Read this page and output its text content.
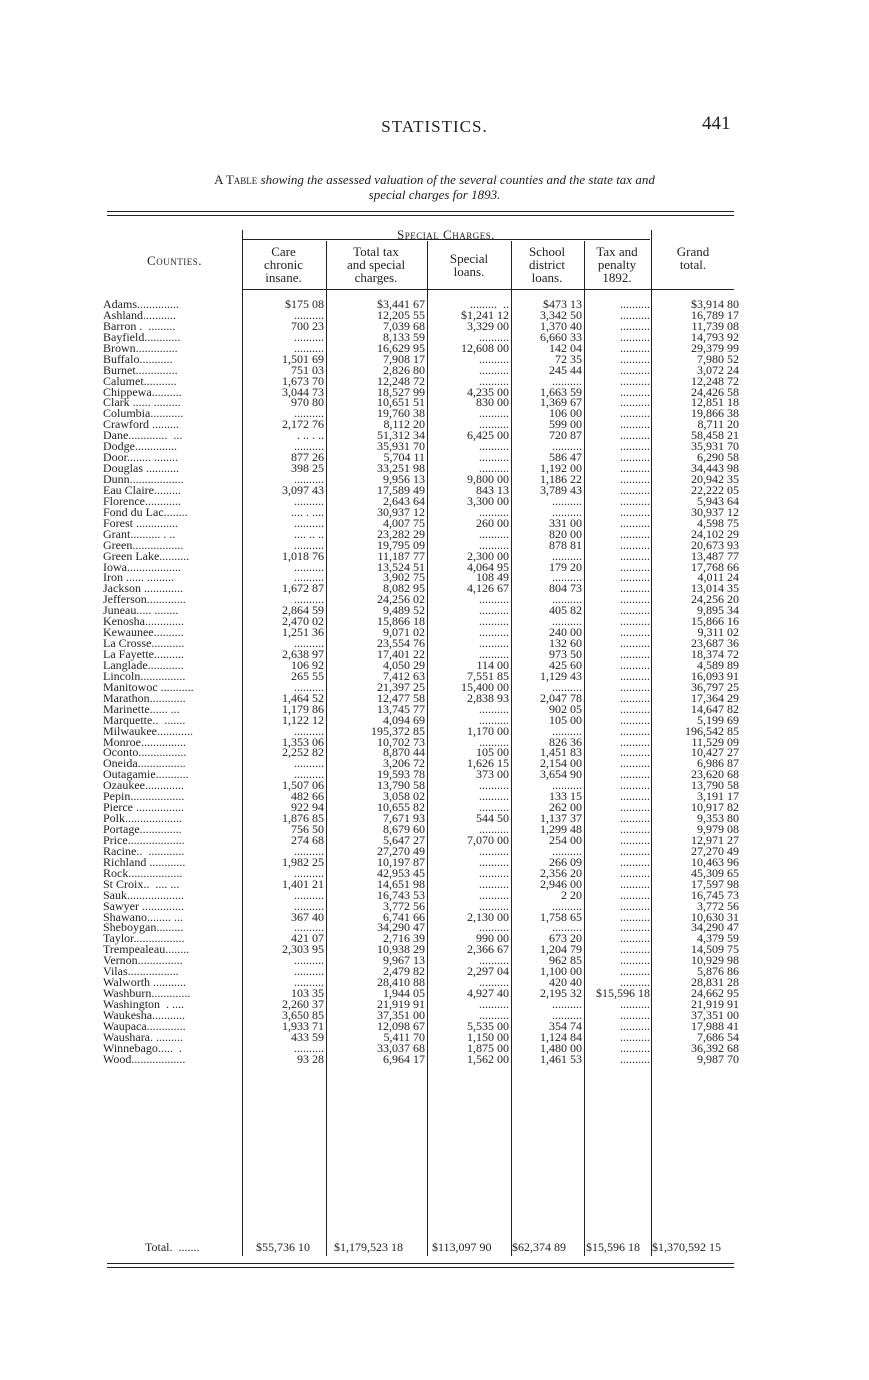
STATISTICS.	441
A Table showing the assessed valuation of the several counties and the state tax and
special charges for 1893.
Special Charges.
Counties.
Care
chronic
insane.
Total tax
and special
charges.
Special
loans.
School
district
loans.
Tax and
penalty
1892.
Grand
total.
Adams..............
Ashland...........
Barron .  .........
Bayfield............
Brown..............
Buffalo...........
Burnet..............
Calumet...........
Chippewa..........
Clark ...... .........
Columbia...........
Crawford .........
Dane.............  ...
Dodge..............
Door........ ........
Douglas ...........
Dunn..................
Eau Claire.........
Florence............
Fond du Lac........
Forest ..............
Grant.......... . ..
Green.................
Green Lake..........
Iowa..................
Iron ...... .........
Jackson .............
Jefferson.............
Juneau..... ........
Kenosha.............
Kewaunee..........
La Crosse...........
La Fayette..........
Langlade............
Lincoln...............
Manitowoc ...........
Marathon............
Marinette...... ...
Marquette..  .......
Milwaukee............
Monroe...............
Oconto................
Oneida................
Outagamie...........
Ozaukee.............
Pepin..................
Pierce ................
Polk...................
Portage..............
Price...................
Racine..  ............
Richland ............
Rock..................
St Croix..  .... ...
Sauk...................
Sawyer ..............
Shawano........ ...
Sheboygan.........
Taylor.................
Trempealeau........
Vernon...............
Vilas.................
Walworth ...........
Washburn.............
Washington  . ....
Waukesha...........
Waupaca.............
Waushara. .........
Winnebago.....  .
Wood..................
$175 08
..........
700 23
..........
..........
1,501 69
751 03
1,673 70
3,044 73
970 80
..........
2,172 76
. .. . ..
..........
877 26
398 25
..........
3,097 43
..........
.... . ....
..........
.... .. ..
..........
1,018 76
..........
..........
1,672 87
..........
2,864 59
2,470 02
1,251 36
..........
2,638 97
106 92
265 55
..........
1,464 52
1,179 86
1,122 12
..........
1,353 06
2,252 82
..........
..........
1,507 06
482 66
922 94
1,876 85
756 50
274 68
..........
1,982 25
..........
1,401 21
..........
..........
367 40
..........
421 07
2,303 95
..........
..........
..........
103 35
2,260 37
3,650 85
1,933 71
433 59
..........
93 28
$3,441 67
12,205 55
7,039 68
8,133 59
16,629 95
7,908 17
2,826 80
12,248 72
18,527 99
10,651 51
19,760 38
8,112 20
51,312 34
35,931 70
5,704 11
33,251 98
9,956 13
17,589 49
2,643 64
30,937 12
4,007 75
23,282 29
19,795 09
11,187 77
13,524 51
3,902 75
8,082 95
24,256 02
9,489 52
15,866 18
9,071 02
23,554 76
17,401 22
4,050 29
7,412 63
21,397 25
12,477 58
13,745 77
4,094 69
195,372 85
10,702 73
8,870 44
3,206 72
19,593 78
13,790 58
3,058 02
10,655 82
7,671 93
8,679 60
5,647 27
27,270 49
10,197 87
42,953 45
14,651 98
16,743 53
3,772 56
6,741 66
34,290 47
2,716 39
10,938 29
9,967 13
2,479 82
28,410 88
1,944 05
21,919 91
37,351 00
12,098 67
5,411 70
33,037 68
6,964 17
.........  ..
$1,241 12
3,329 00
..........
12,608 00
..........
..........
..........
4,235 00
830 00
..........
..........
6,425 00
..........
..........
..........
9,800 00
843 13
3,300 00
..........
260 00
..........
..........
2,300 00
4,064 95
108 49
4,126 67
..........
..........
..........
..........
..........
..........
114 00
7,551 85
15,400 00
2,838 93
..........
..........
1,170 00
..........
105 00
1,626 15
373 00
..........
..........
..........
544 50
..........
7,070 00
..........
..........
..........
..........
..........
..........
2,130 00
..........
990 00
2,366 67
..........
2,297 04
..........
4,927 40
..........
..........
5,535 00
1,150 00
1,875 00
1,562 00
$473 13
3,342 50
1,370 40
6,660 33
142 04
72 35
245 44
..........
1,663 59
1,369 67
106 00
599 00
720 87
..........
586 47
1,192 00
1,186 22
3,789 43
..........
..........
331 00
820 00
878 81
..........
179 20
..........
804 73
..........
405 82
..........
240 00
132 60
973 50
425 60
1,129 43
..........
2,047 78
902 05
105 00
..........
826 36
1,451 83
2,154 00
3,654 90
..........
133 15
262 00
1,137 37
1,299 48
254 00
..........
266 09
2,356 20
2,946 00
2 20
..........
1,758 65
..........
673 20
1,204 79
962 85
1,100 00
420 40
2,195 32
..........
..........
354 74
1,124 84
1,480 00
1,461 53
..........
..........
..........
..........
..........
..........
..........
..........
..........
..........
..........
..........
..........
..........
..........
..........
..........
..........
..........
..........
..........
..........
..........
..........
..........
..........
..........
..........
..........
..........
..........
..........
..........
..........
..........
..........
..........
..........
..........
..........
..........
..........
..........
..........
..........
..........
..........
..........
..........
..........
..........
..........
..........
..........
..........
..........
..........
..........
..........
..........
..........
..........
..........
$15,596 18
..........
..........
..........
..........
..........
..........
$3,914 80
16,789 17
11,739 08
14,793 92
29,379 99
7,980 52
3,072 24
12,248 72
24,426 58
12,851 18
19,866 38
8,711 20
58,458 21
35,931 70
6,290 58
34,443 98
20,942 35
22,222 05
5,943 64
30,937 12
4,598 75
24,102 29
20,673 93
13,487 77
17,768 66
4,011 24
13,014 35
24,256 20
9,895 34
15,866 16
9,311 02
23,687 36
18,374 72
4,589 89
16,093 91
36,797 25
17,364 29
14,647 82
5,199 69
196,542 85
11,529 09
10,427 27
6,986 87
23,620 68
13,790 58
3,191 17
10,917 82
9,353 80
9,979 08
12,971 27
27,270 49
10,463 96
45,309 65
17,597 98
16,745 73
3,772 56
10,630 31
34,290 47
4,379 59
14,509 75
10,929 98
5,876 86
28,831 28
24,662 95
21,919 91
37,351 00
17,988 41
7,686 54
36,392 68
9,987 70
Total.  .......	$55,736 10 $1,179,523 18 $113,097 90 $62,374 89 $15,596 18 $1,370,592 15
